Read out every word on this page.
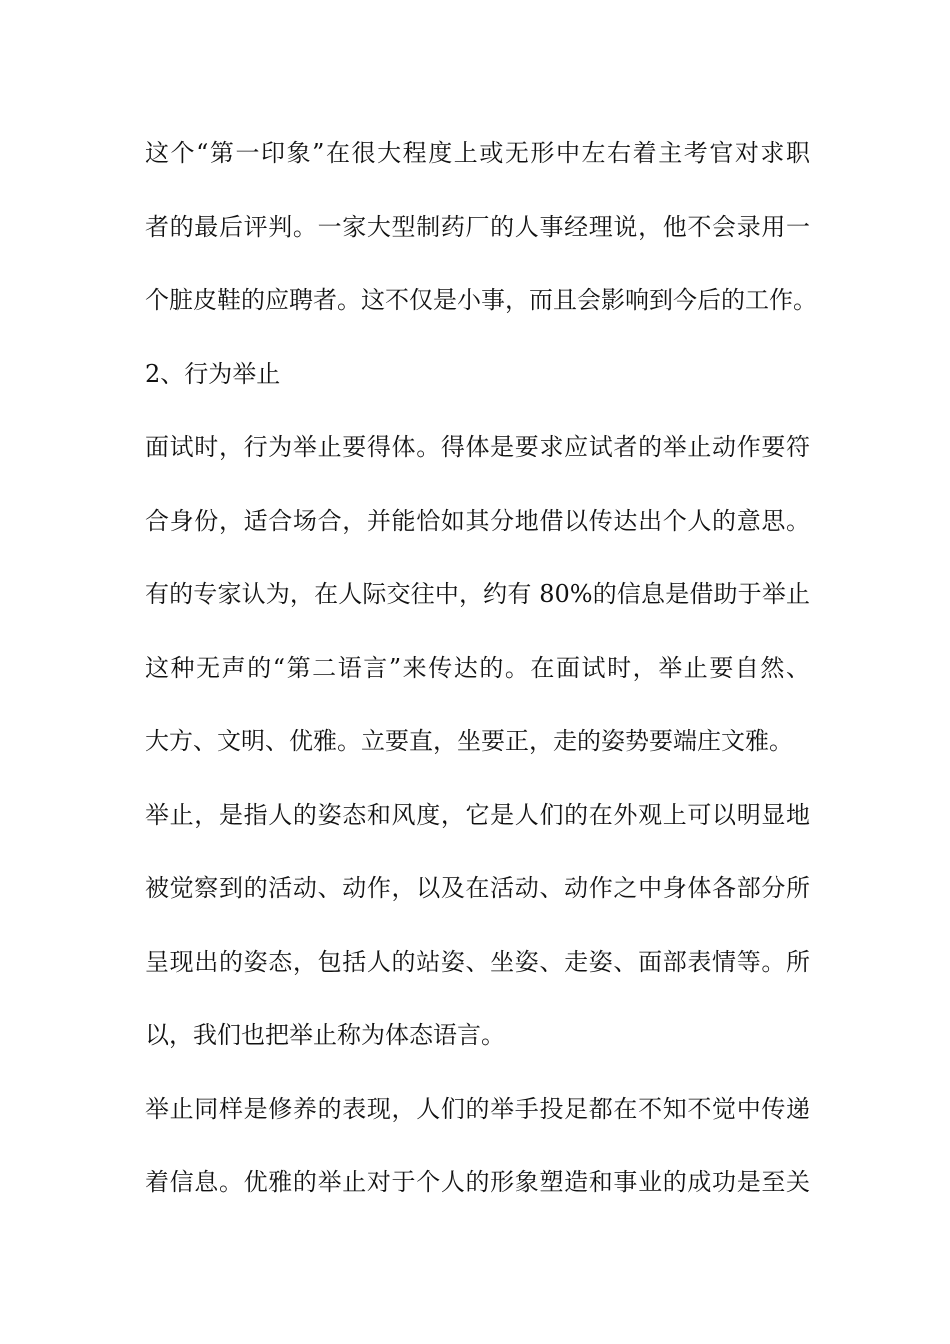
这个“第一印象”在很大程度上或无形中左右着主考官对求职
者的最后评判。一家大型制药厂的人事经理说，他不会录用一
个脏皮鞋的应聘者。这不仅是小事，而且会影响到今后的工作。
2、行为举止
面试时，行为举止要得体。得体是要求应试者的举止动作要符
合身份，适合场合，并能恰如其分地借以传达出个人的意思。
有的专家认为，在人际交往中，约有 80%的信息是借助于举止
这种无声的“第二语言”来传达的。在面试时，举止要自然、
大方、文明、优雅。立要直，坐要正，走的姿势要端庄文雅。
举止，是指人的姿态和风度，它是人们的在外观上可以明显地
被觉察到的活动、动作，以及在活动、动作之中身体各部分所
呈现出的姿态，包括人的站姿、坐姿、走姿、面部表情等。所
以，我们也把举止称为体态语言。
举止同样是修养的表现，人们的举手投足都在不知不觉中传递
着信息。优雅的举止对于个人的形象塑造和事业的成功是至关
